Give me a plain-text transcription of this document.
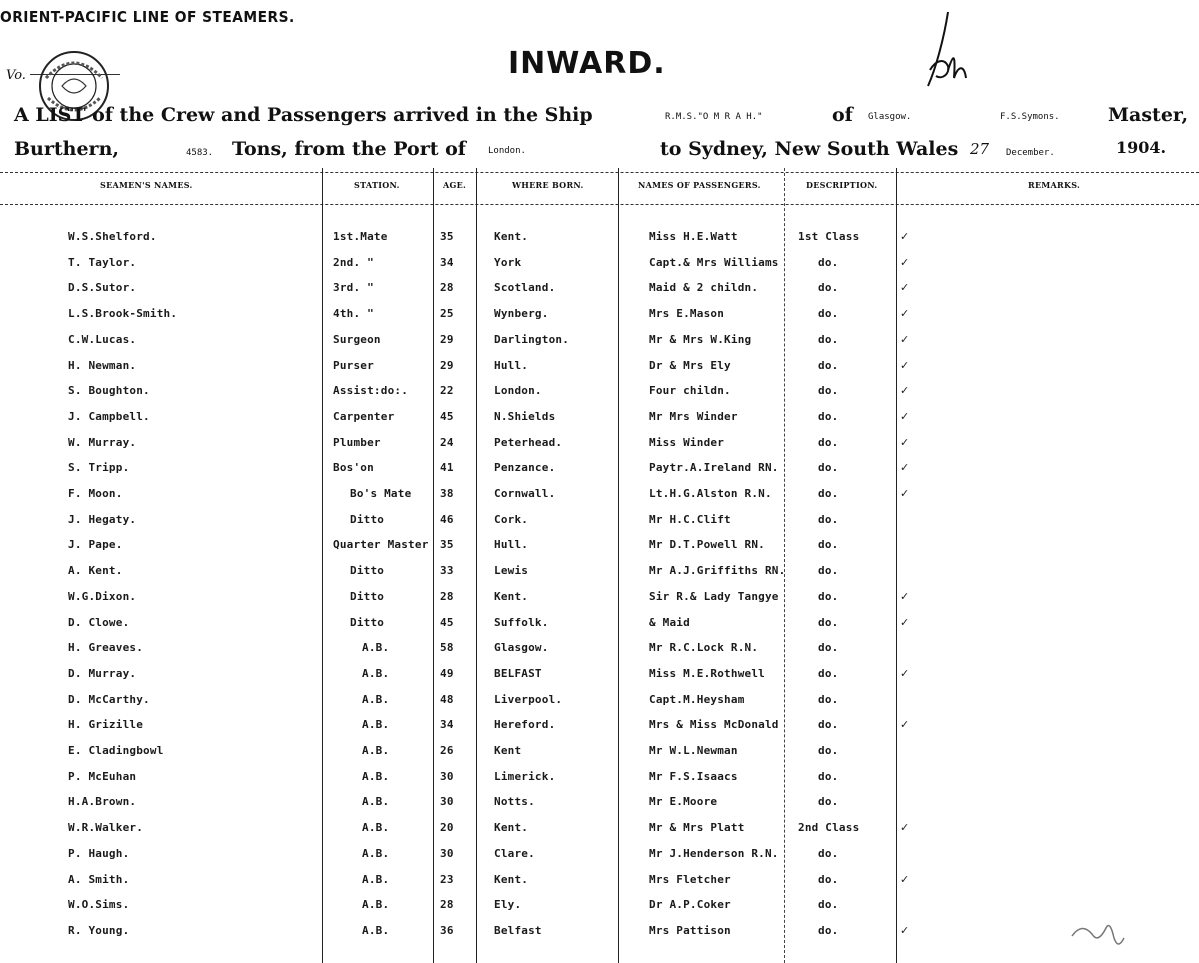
ORIENT-PACIFIC LINE OF STEAMERS.
Vo.	INWARD.
A LIST of the Crew and Passengers arrived in the Ship	R.M.S."O M R A H."	of Glasgow.	F.S.Symons.	Master,
Burthern,	4583. Tons, from the Port of London.	to Sydney, New South Wales 27 December.	1904.
SEAMEN'S NAMES.	STATION.	AGE.	WHERE BORN.	NAMES OF PASSENGERS.	DESCRIPTION.	REMARKS.
W.S.Shelford.	1st.Mate	35	Kent.	Miss H.E.Watt	1st Class	✓
T. Taylor.	2nd. "	34	York	Capt.& Mrs Williams	do.	✓
D.S.Sutor.	3rd. "	28	Scotland.	Maid & 2 childn.	do.	✓
L.S.Brook-Smith.	4th. "	25	Wynberg.	Mrs E.Mason	do.	✓
C.W.Lucas.	Surgeon	29	Darlington.	Mr & Mrs W.King	do.	✓
H. Newman.	Purser	29	Hull.	Dr & Mrs Ely	do.	✓
S. Boughton.	Assist:do:.	22	London.	Four childn.	do.	✓
J. Campbell.	Carpenter	45	N.Shields	Mr Mrs Winder	do.	✓
W. Murray.	Plumber	24	Peterhead.	Miss Winder	do.	✓
S. Tripp.	Bos'on	41	Penzance.	Paytr.A.Ireland RN.	do.	✓
F. Moon.	Bo's Mate	38	Cornwall.	Lt.H.G.Alston R.N.	do.	✓
J. Hegaty.	Ditto	46	Cork.	Mr H.C.Clift	do.
J. Pape.	Quarter Master 35	Hull.	Mr D.T.Powell RN.	do.
A. Kent.	Ditto	33	Lewis	Mr A.J.Griffiths RN.	do.
W.G.Dixon.	Ditto	28	Kent.	Sir R.& Lady Tangye	do.	✓
D. Clowe.	Ditto	45	Suffolk.	& Maid	do.	✓
H. Greaves.	A.B.	58	Glasgow.	Mr R.C.Lock R.N.	do.
D. Murray.	A.B.	49	BELFAST	Miss M.E.Rothwell	do.	✓
D. McCarthy.	A.B.	48	Liverpool.	Capt.M.Heysham	do.
H. Grizille	A.B.	34	Hereford.	Mrs & Miss McDonald	do.	✓
E. Cladingbowl	A.B.	26	Kent	Mr W.L.Newman	do.
P. McEuhan	A.B.	30	Limerick.	Mr F.S.Isaacs	do.
H.A.Brown.	A.B.	30	Notts.	Mr E.Moore	do.
W.R.Walker.	A.B.	20	Kent.	Mr & Mrs Platt	2nd Class	✓
P. Haugh.	A.B.	30	Clare.	Mr J.Henderson R.N.	do.
A. Smith.	A.B.	23	Kent.	Mrs Fletcher	do.	✓
W.O.Sims.	A.B.	28	Ely.	Dr A.P.Coker	do.
R. Young.	A.B.	36	Belfast	Mrs Pattison	do.	✓
